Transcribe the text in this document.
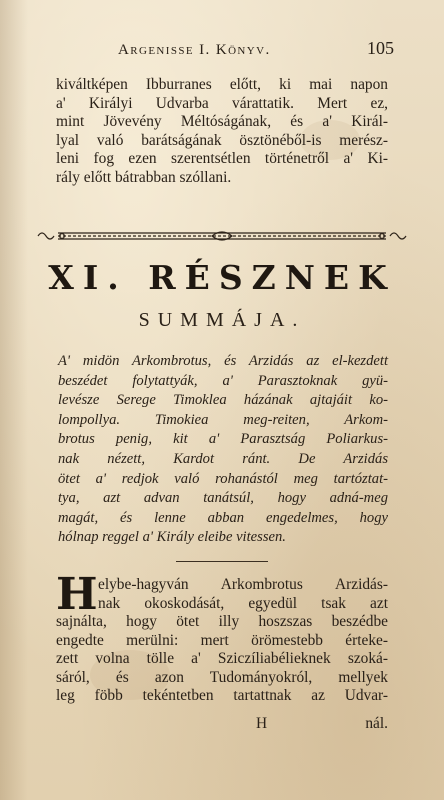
Argenisse I. Könyv.	105
kiváltképen Ibburranes előtt, ki mai napon
a' Királyi Udvarba várattatik. Mert ez,
mint Jövevény Méltóságának, és a' Királ-
lyal való barátságának ösztönéből-is merész-
leni fog ezen szerentsétlen történetről a' Ki-
rály előtt bátrabban szóllani.
XI. RÉSZNEK
SUMMÁJA.
A' midön Arkombrotus, és Arzidás az el-kezdett
beszédet folytattyák, a' Parasztoknak gyü-
levésze Serege Timoklea házának ajtajáit ko-
lompollya. Timokiea meg-reiten, Arkom-
brotus penig, kit a' Parasztság Poliarkus-
nak nézett, Kardot ránt. De Arzidás
ötet a' redjok való rohanástól meg tartóztat-
tya, azt advan tanátsúl, hogy adná-meg
magát, és lenne abban engedelmes, hogy
hólnap reggel a' Király eleibe vitessen.
H elybe-hagyván Arkombrotus Arzidás-
nak okoskodását, egyedül tsak azt
sajnálta, hogy ötet illy hoszszas beszédbe
engedte merülni: mert örömestebb érteke-
zett volna tölle a' Sziczíliabélieknek szoká-
sáról, és azon Tudományokról, mellyek
leg föbb tekéntetben tartattnak az Udvar-
H	nál.
